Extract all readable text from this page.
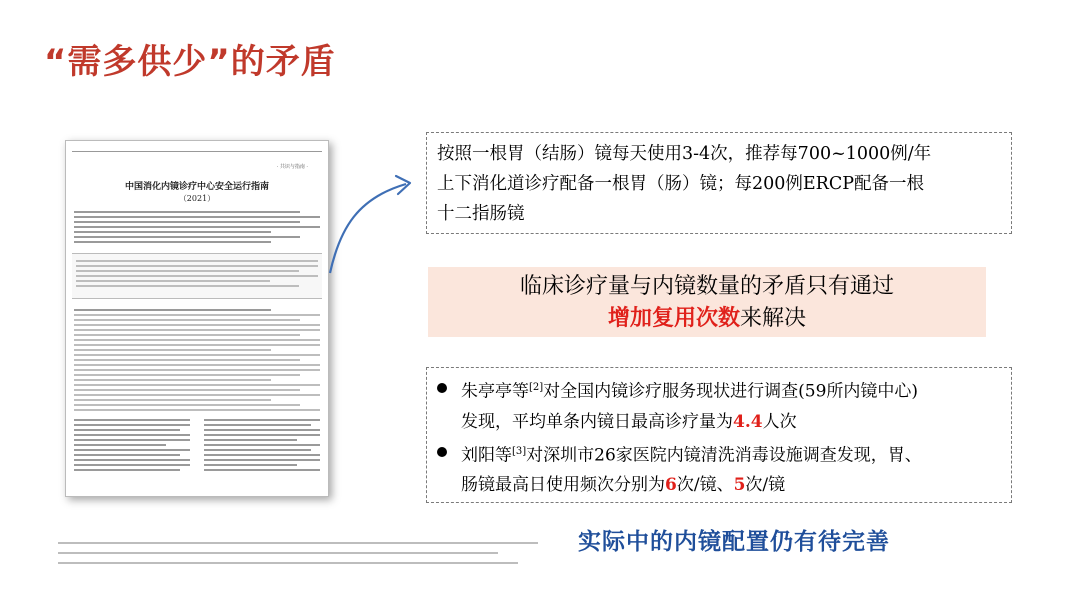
“需多供少”的矛盾
· 共识与指南 ·
中国消化内镜诊疗中心安全运行指南
（2021）
按照一根胃（结肠）镜每天使用3-4次，推荐每700~1000例/年
上下消化道诊疗配备一根胃（肠）镜；每200例ERCP配备一根
十二指肠镜
临床诊疗量与内镜数量的矛盾只有通过
增加复用次数来解决
朱亭亭等[2]对全国内镜诊疗服务现状进行调查(59所内镜中心)
发现，平均单条内镜日最高诊疗量为4.4人次
刘阳等[3]对深圳市26家医院内镜清洗消毒设施调查发现，胃、
肠镜最高日使用频次分别为6次/镜、5次/镜
实际中的内镜配置仍有待完善
